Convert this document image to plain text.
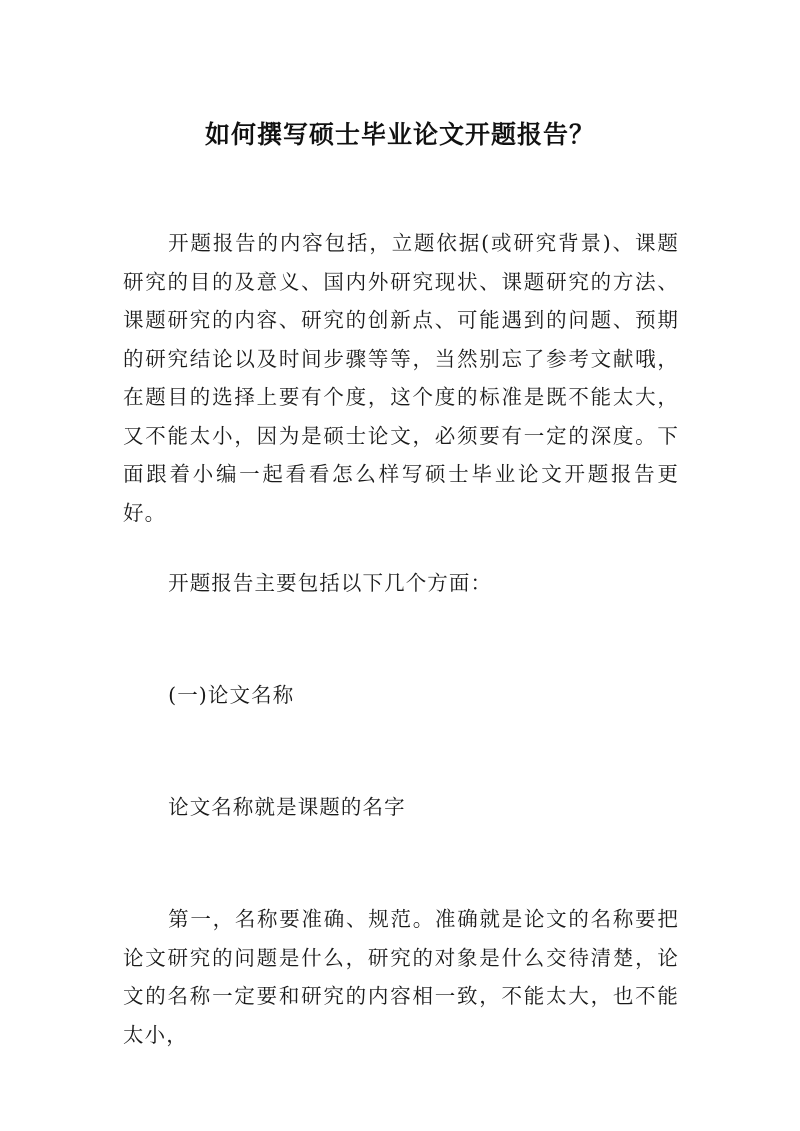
如何撰写硕士毕业论文开题报告？

开题报告的内容包括，立题依据(或研究背景)、课题研究的目的及意义、国内外研究现状、课题研究的方法、课题研究的内容、研究的创新点、可能遇到的问题、预期的研究结论以及时间步骤等等，当然别忘了参考文献哦，在题目的选择上要有个度，这个度的标准是既不能太大，又不能太小，因为是硕士论文，必须要有一定的深度。下面跟着小编一起看看怎么样写硕士毕业论文开题报告更好。

开题报告主要包括以下几个方面：

(一)论文名称

论文名称就是课题的名字

第一，名称要准确、规范。准确就是论文的名称要把论文研究的问题是什么，研究的对象是什么交待清楚，论文的名称一定要和研究的内容相一致，不能太大，也不能太小，
